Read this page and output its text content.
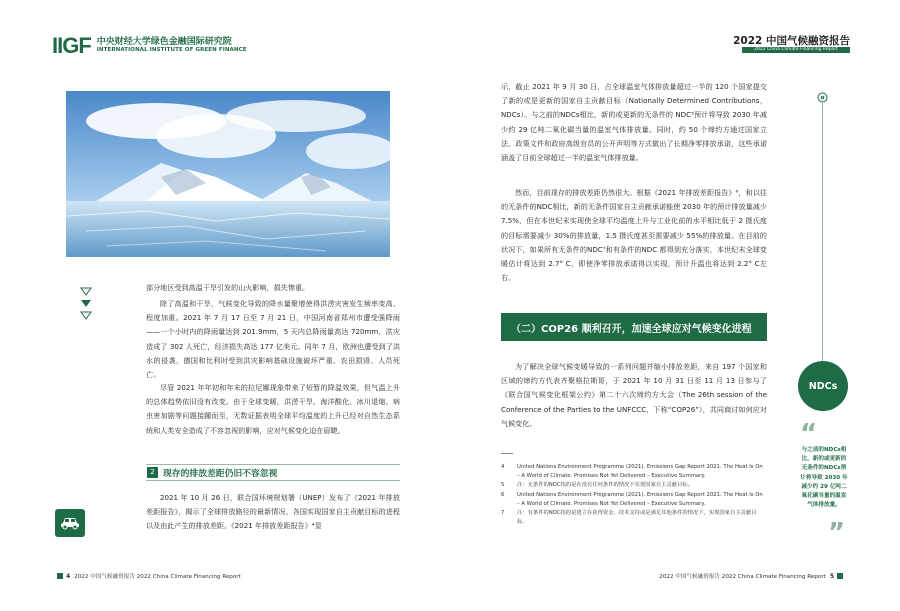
IIGF 中央财经大学绿色金融国际研究院
INTERNATIONAL INSTITUTE OF GREEN FINANCE
2022 中国气候融资报告
2022 China Climate Financing Report
部分地区受到高温干旱引发的山火影响，损失惨重。
除了高温和干旱，气候变化导致的降水量聚增使得洪涝灾害发生频率变高、程度加重。2021 年 7 月 17 日至 7 月 21 日，中国河南省郑州市遭受强降雨——一个小时内的降雨量达到 201.9mm，5 天内总降雨量高达 720mm，洪灾造成了 302 人死亡，经济损失高达 177 亿美元。同年 7 月，欧洲也遭受到了洪水的侵袭，德国和比利时受到洪灾影响基础设施破坏严重、农田损毁、人员死亡。
尽管 2021 年年初和年末的拉尼娜现象带来了短暂的降温效果，但气温上升的总体趋势依旧没有改变。由于全球变暖，洪涝干旱、海洋酸化、冰川退缩、病虫害加剧等问题接踵而至，无数证据表明全球平均温度的上升已经对自然生态系统和人类安全造成了不容忽视的影响，应对气候变化迫在眉睫。
2 现存的排放差距仍旧不容忽视
2021 年 10 月 26 日，联合国环境规划署（UNEP）发布了《2021 年排放差距报告》，揭示了全球排放路径的最新情况、各国实现国家自主贡献目标的进程以及由此产生的排放差距。《2021 年排放差距报告》⁴显
示，截止 2021 年 9 月 30 日，占全球温室气体排放量超过一半的 120 个国家提交了新的或是更新的国家自主贡献目标（Nationally Determined Contributions，NDCs）。与之前的NDCs相比，新的或更新的无条件的 NDC⁵预计将导致 2030 年减少约 29 亿吨二氧化碳当量的温室气体排放量。同时，约 50 个缔约方通过国家立法、政策文件和政府高级官员的公开声明等方式做出了长期净零排放承诺，这些承诺涵盖了目前全球超过一半的温室气体排放量。
然而，目前现存的排放差距仍然很大。根据《2021 年排放差距报告》⁶，和以往的无条件的NDC相比，新的无条件国家自主贡献承诺能使 2030 年的预计排放量减少 7.5%，但在本世纪末实现使全球平均温度上升与工业化前的水平相比低于 2 摄氏度的目标需要减少 30%的排放量，1.5 摄氏度甚至需要减少 55%的排放量。在目前的状况下，如果所有无条件的NDC⁷和有条件的NDC 都得到充分落实，本世纪末全球变暖估计将达到 2.7° C，即使净零排放承诺得以实现，预计升温也将达到 2.2° C左右。
（二）COP26 顺利召开，加速全球应对气候变化进程
为了解决全球气候变暖导致的一系列问题并缩小排放差距，来自 197 个国家和区域的缔约方代表齐聚格拉斯哥，于 2021 年 10 月 31 日至 11 月 13 日参与了《联合国气候变化框架公约》第二十六次缔约方大会（The 26th session of the Conference of the Parties to the UNFCCC，下称“COP26”），共同商讨如何应对气候变化。
4	United Nations Environment Programme (2021). Emissions Gap Report 2021: The Heat Is On – A World of Climate. Promises Not Yet Delivered – Executive Summary.
5	注：无条件的NDC指的是在没有任何条件的情况下实现国家自主贡献目标。
6	United Nations Environment Programme (2021). Emissions Gap Report 2021: The Heat Is On – A World of Climate. Promises Not Yet Delivered – Executive Summary.
7	注：有条件的NDC指的是建立在获得资金、技术支持或是满足其他条件的情况下，实现国家自主贡献目标。
NDCs
“
与之前的NDCs相比，新的或更新的无条件的NDCs预计将导致 2030 年减少约 29 亿吨二氧化碳当量的温室气体排放量。
”
4 2022 中国气候融资报告 2022 China Climate Financing Report	2022 中国气候融资报告 2022 China Climate Financing Report 5
